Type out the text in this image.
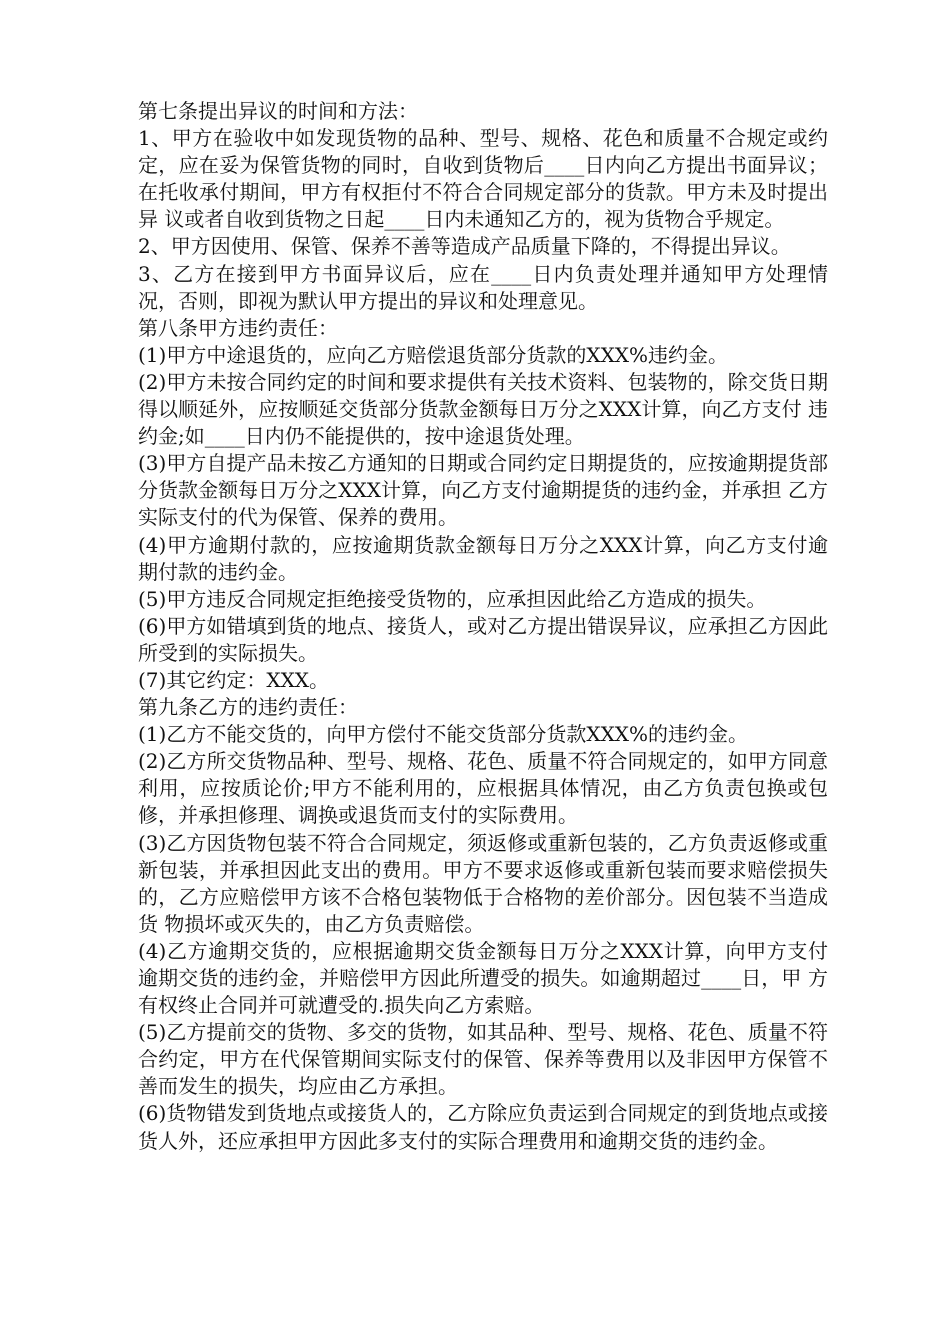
第七条提出异议的时间和方法：

1、甲方在验收中如发现货物的品种、型号、规格、花色和质量不合规定或约定，应在妥为保管货物的同时，自收到货物后____日内向乙方提出书面异议；在托收承付期间，甲方有权拒付不符合合同规定部分的货款。甲方未及时提出异 议或者自收到货物之日起____日内未通知乙方的，视为货物合乎规定。

2、甲方因使用、保管、保养不善等造成产品质量下降的，不得提出异议。

3、乙方在接到甲方书面异议后，应在____日内负责处理并通知甲方处理情况，否则，即视为默认甲方提出的异议和处理意见。

第八条甲方违约责任：

(1)甲方中途退货的，应向乙方赔偿退货部分货款的XXX%违约金。

(2)甲方未按合同约定的时间和要求提供有关技术资料、包装物的，除交货日期得以顺延外，应按顺延交货部分货款金额每日万分之XXX计算，向乙方支付 违约金;如____日内仍不能提供的，按中途退货处理。

(3)甲方自提产品未按乙方通知的日期或合同约定日期提货的，应按逾期提货部分货款金额每日万分之XXX计算，向乙方支付逾期提货的违约金，并承担 乙方实际支付的代为保管、保养的费用。

(4)甲方逾期付款的，应按逾期货款金额每日万分之XXX计算，向乙方支付逾期付款的违约金。

(5)甲方违反合同规定拒绝接受货物的，应承担因此给乙方造成的损失。

(6)甲方如错填到货的地点、接货人，或对乙方提出错误异议，应承担乙方因此所受到的实际损失。

(7)其它约定：XXX。

第九条乙方的违约责任：

(1)乙方不能交货的，向甲方偿付不能交货部分货款XXX%的违约金。

(2)乙方所交货物品种、型号、规格、花色、质量不符合同规定的，如甲方同意利用，应按质论价;甲方不能利用的，应根据具体情况，由乙方负责包换或包 修，并承担修理、调换或退货而支付的实际费用。

(3)乙方因货物包装不符合合同规定，须返修或重新包装的，乙方负责返修或重新包装，并承担因此支出的费用。甲方不要求返修或重新包装而要求赔偿损失 的，乙方应赔偿甲方该不合格包装物低于合格物的差价部分。因包装不当造成货 物损坏或灭失的，由乙方负责赔偿。

(4)乙方逾期交货的，应根据逾期交货金额每日万分之XXX计算，向甲方支付逾期交货的违约金，并赔偿甲方因此所遭受的损失。如逾期超过____日，甲 方有权终止合同并可就遭受的.损失向乙方索赔。

(5)乙方提前交的货物、多交的货物，如其品种、型号、规格、花色、质量不符合约定，甲方在代保管期间实际支付的保管、保养等费用以及非因甲方保管不 善而发生的损失，均应由乙方承担。

(6)货物错发到货地点或接货人的，乙方除应负责运到合同规定的到货地点或接货人外，还应承担甲方因此多支付的实际合理费用和逾期交货的违约金。
